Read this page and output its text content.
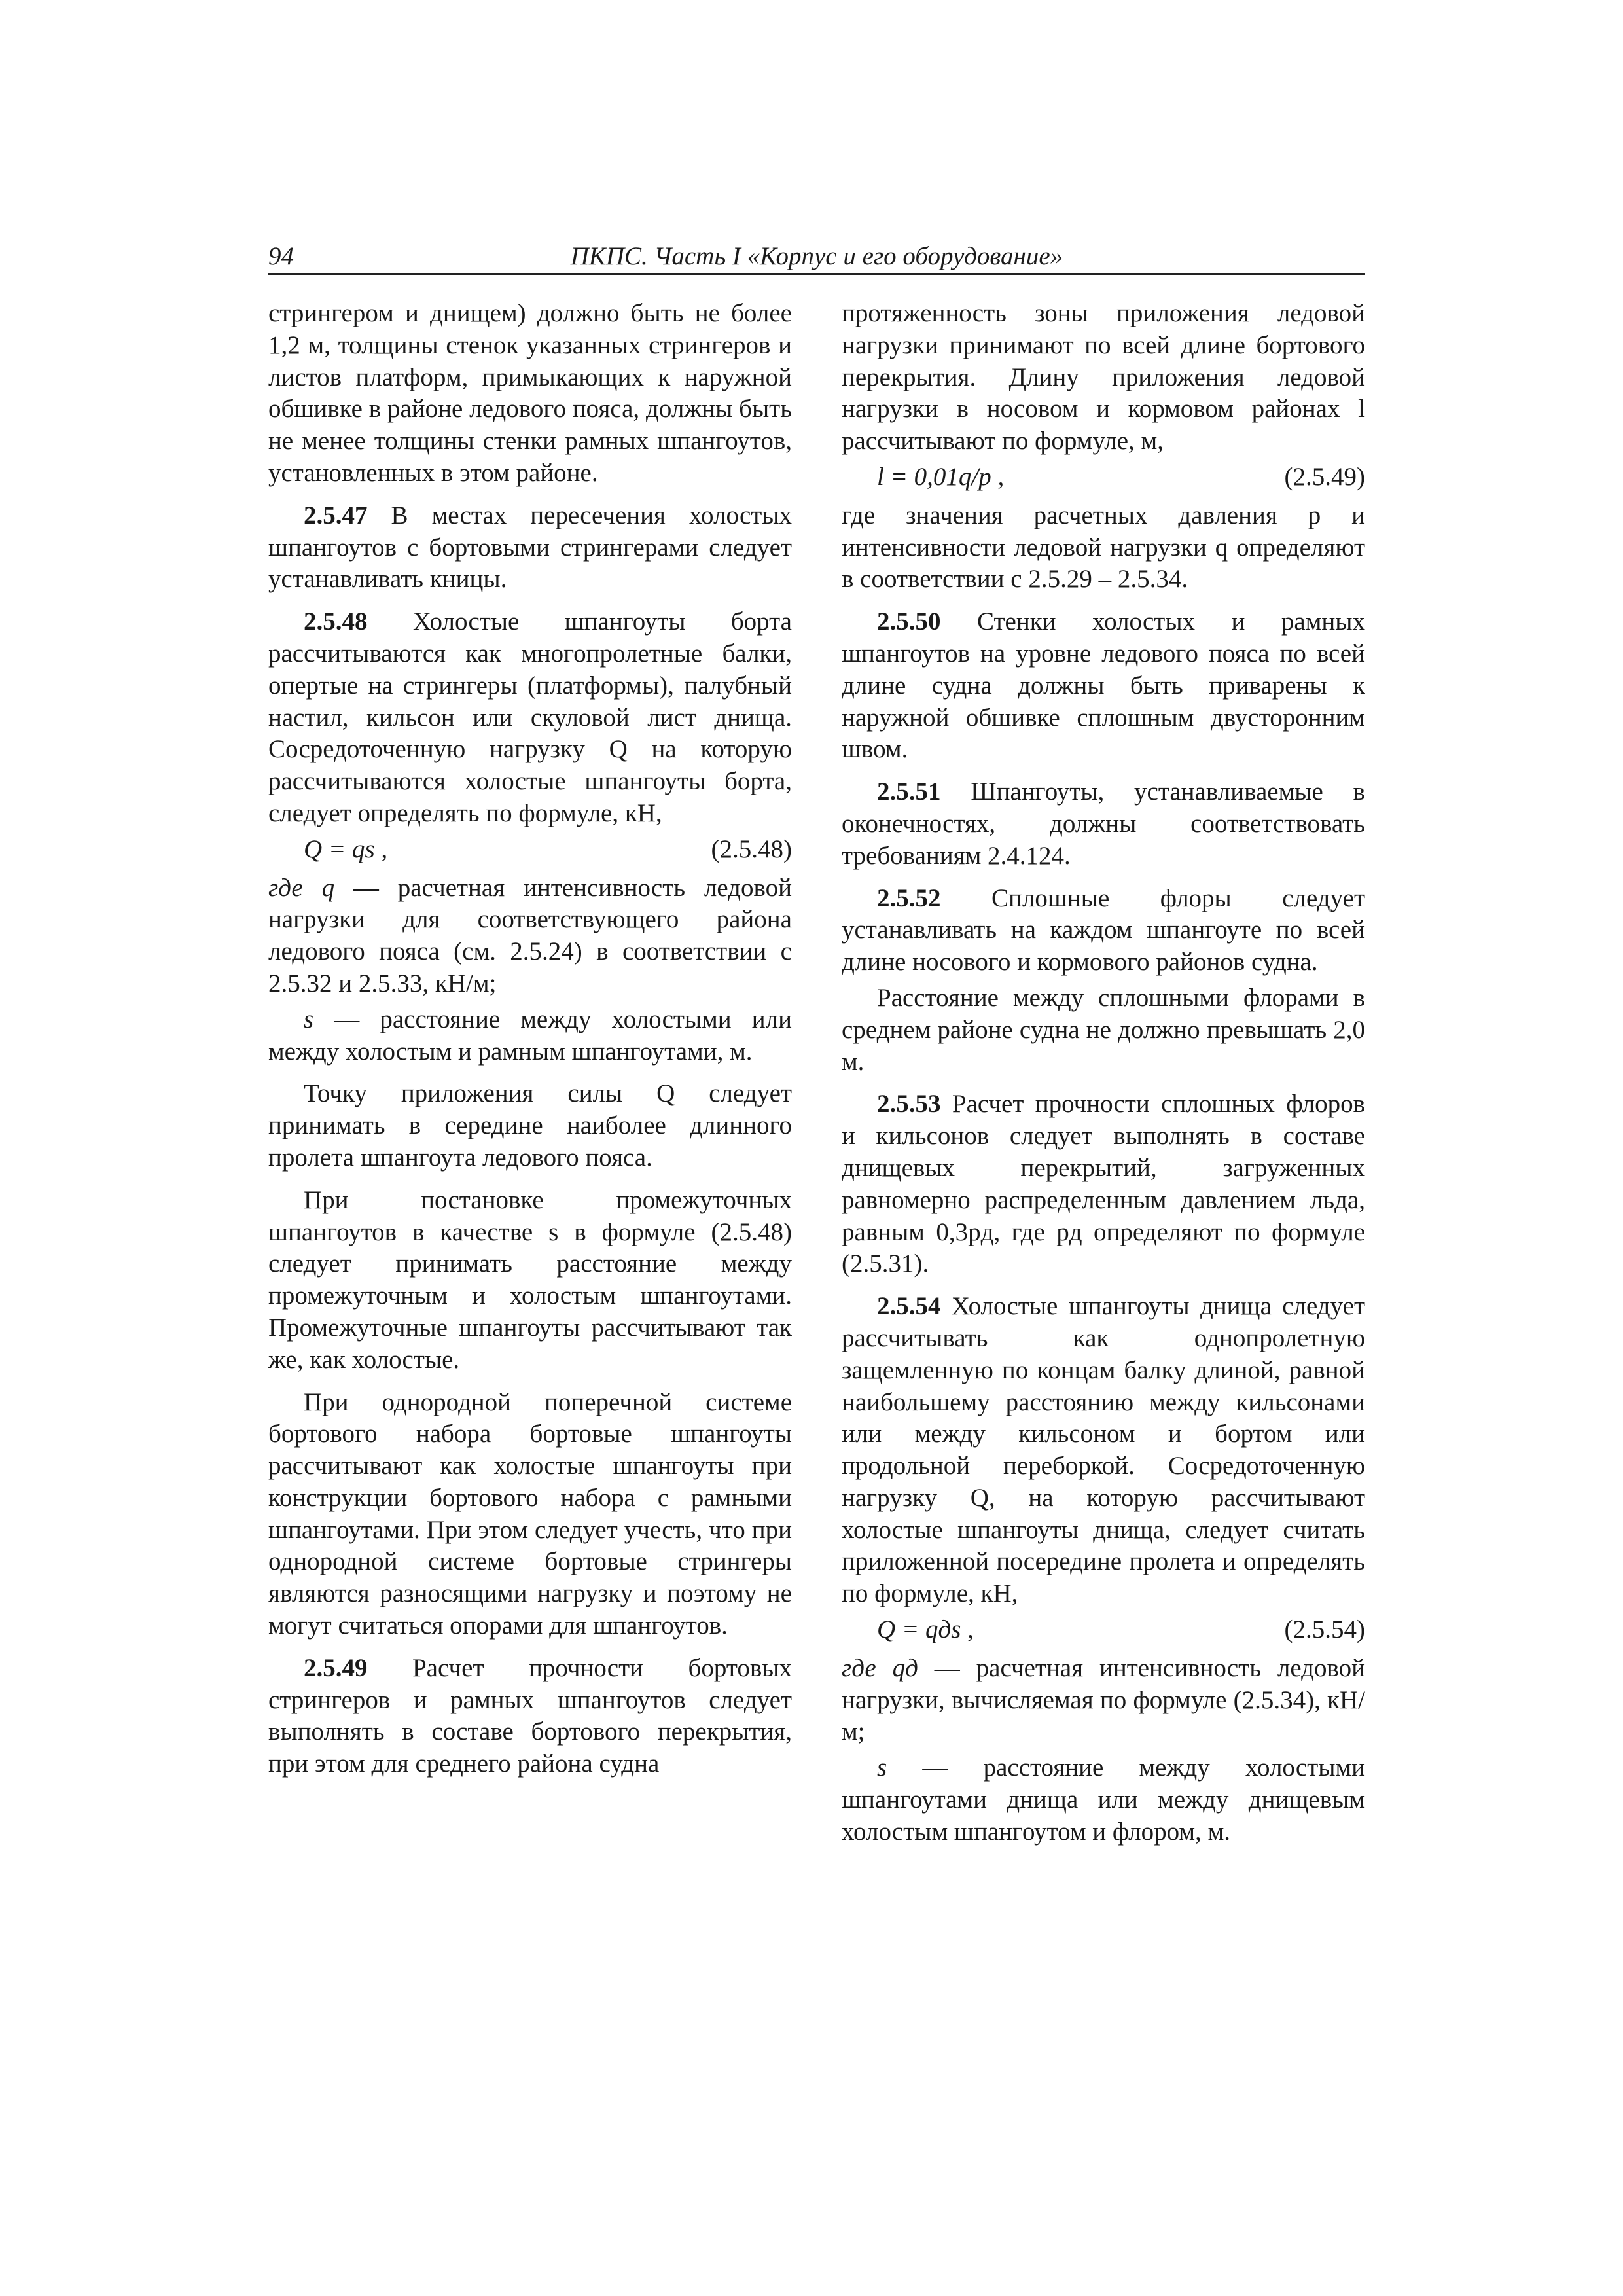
94	ПКПС. Часть I «Корпус и его оборудование»

стрингером и днищем) должно быть не более 1,2 м, толщины стенок указанных стрингеров и листов платформ, примыкающих к наружной обшивке в районе ледового пояса, должны быть не менее толщины стенки рамных шпангоутов, установленных в этом районе.

2.5.47 В местах пересечения холостых шпангоутов с бортовыми стрингерами следует устанавливать кницы.

2.5.48 Холостые шпангоуты борта рассчитываются как многопролетные балки, опертые на стрингеры (платформы), палубный настил, кильсон или скуловой лист днища. Сосредоточенную нагрузку Q на которую рассчитываются холостые шпангоуты борта, следует определять по формуле, кН,

Q = qs ,	(2.5.48)

где q — расчетная интенсивность ледовой нагрузки для соответствующего района ледового пояса (см. 2.5.24) в соответствии с 2.5.32 и 2.5.33, кН/м;

s — расстояние между холостыми или между холостым и рамным шпангоутами, м.

Точку приложения силы Q следует принимать в середине наиболее длинного пролета шпангоута ледового пояса.

При постановке промежуточных шпангоутов в качестве s в формуле (2.5.48) следует принимать расстояние между промежуточным и холостым шпангоутами. Промежуточные шпангоуты рассчитывают так же, как холостые.

При однородной поперечной системе бортового набора бортовые шпангоуты рассчитывают как холостые шпангоуты при конструкции бортового набора с рамными шпангоутами. При этом следует учесть, что при однородной системе бортовые стрингеры являются разносящими нагрузку и поэтому не могут считаться опорами для шпангоутов.

2.5.49 Расчет прочности бортовых стрингеров и рамных шпангоутов следует выполнять в составе бортового перекрытия, при этом для среднего района судна

протяженность зоны приложения ледовой нагрузки принимают по всей длине бортового перекрытия. Длину приложения ледовой нагрузки в носовом и кормовом районах l рассчитывают по формуле, м,

l = 0,01q/p ,	(2.5.49)

где значения расчетных давления p и интенсивности ледовой нагрузки q определяют в соответствии с 2.5.29 – 2.5.34.

2.5.50 Стенки холостых и рамных шпангоутов на уровне ледового пояса по всей длине судна должны быть приварены к наружной обшивке сплошным двусторонним швом.

2.5.51 Шпангоуты, устанавливаемые в оконечностях, должны соответствовать требованиям 2.4.124.

2.5.52 Сплошные флоры следует устанавливать на каждом шпангоуте по всей длине носового и кормового районов судна.

Расстояние между сплошными флорами в среднем районе судна не должно превышать 2,0 м.

2.5.53 Расчет прочности сплошных флоров и кильсонов следует выполнять в составе днищевых перекрытий, загруженных равномерно распределенным давлением льда, равным 0,3pд, где pд определяют по формуле (2.5.31).

2.5.54 Холостые шпангоуты днища следует рассчитывать как однопролетную защемленную по концам балку длиной, равной наибольшему расстоянию между кильсонами или между кильсоном и бортом или продольной переборкой. Сосредоточенную нагрузку Q, на которую рассчитывают холостые шпангоуты днища, следует считать приложенной посередине пролета и определять по формуле, кН,

Q = qдs ,	(2.5.54)

где qд — расчетная интенсивность ледовой нагрузки, вычисляемая по формуле (2.5.34), кН/м;

s — расстояние между холостыми шпангоутами днища или между днищевым холостым шпангоутом и флором, м.
